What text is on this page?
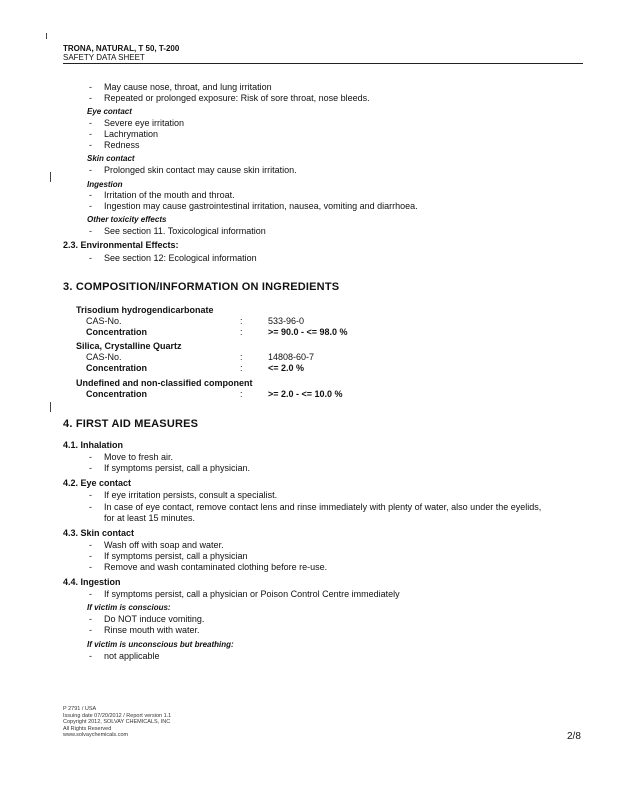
TRONA, NATURAL, T 50, T-200
SAFETY DATA SHEET
- May cause nose, throat, and lung irritation
- Repeated or prolonged exposure: Risk of sore throat, nose bleeds.
Eye contact
- Severe eye irritation
- Lachrymation
- Redness
Skin contact
- Prolonged skin contact may cause skin irritation.
Ingestion
- Irritation of the mouth and throat.
- Ingestion may cause gastrointestinal irritation, nausea, vomiting and diarrhoea.
Other toxicity effects
- See section 11. Toxicological information
2.3. Environmental Effects:
- See section 12: Ecological information
3. COMPOSITION/INFORMATION ON INGREDIENTS
Trisodium hydrogendicarbonate
CAS-No.	:	533-96-0
Concentration	:	>= 90.0 - <= 98.0 %
Silica, Crystalline Quartz
CAS-No.	:	14808-60-7
Concentration	:	<= 2.0 %
Undefined and non-classified component
Concentration	:	>= 2.0 - <= 10.0 %
4. FIRST AID MEASURES
4.1. Inhalation
- Move to fresh air.
- If symptoms persist, call a physician.
4.2. Eye contact
- If eye irritation persists, consult a specialist.
- In case of eye contact, remove contact lens and rinse immediately with plenty of water, also under the eyelids,
for at least 15 minutes.
4.3. Skin contact
- Wash off with soap and water.
- If symptoms persist, call a physician
- Remove and wash contaminated clothing before re-use.
4.4. Ingestion
- If symptoms persist, call a physician or Poison Control Centre immediately
If victim is conscious:
- Do NOT induce vomiting.
- Rinse mouth with water.
If victim is unconscious but breathing:
- not applicable
P 2791 / USA
Issuing date 07/20/2012 / Report version 1.1
Copyright 2012, SOLVAY CHEMICALS, INC
All Rights Reserved
www.solvaychemicals.com	2/8
